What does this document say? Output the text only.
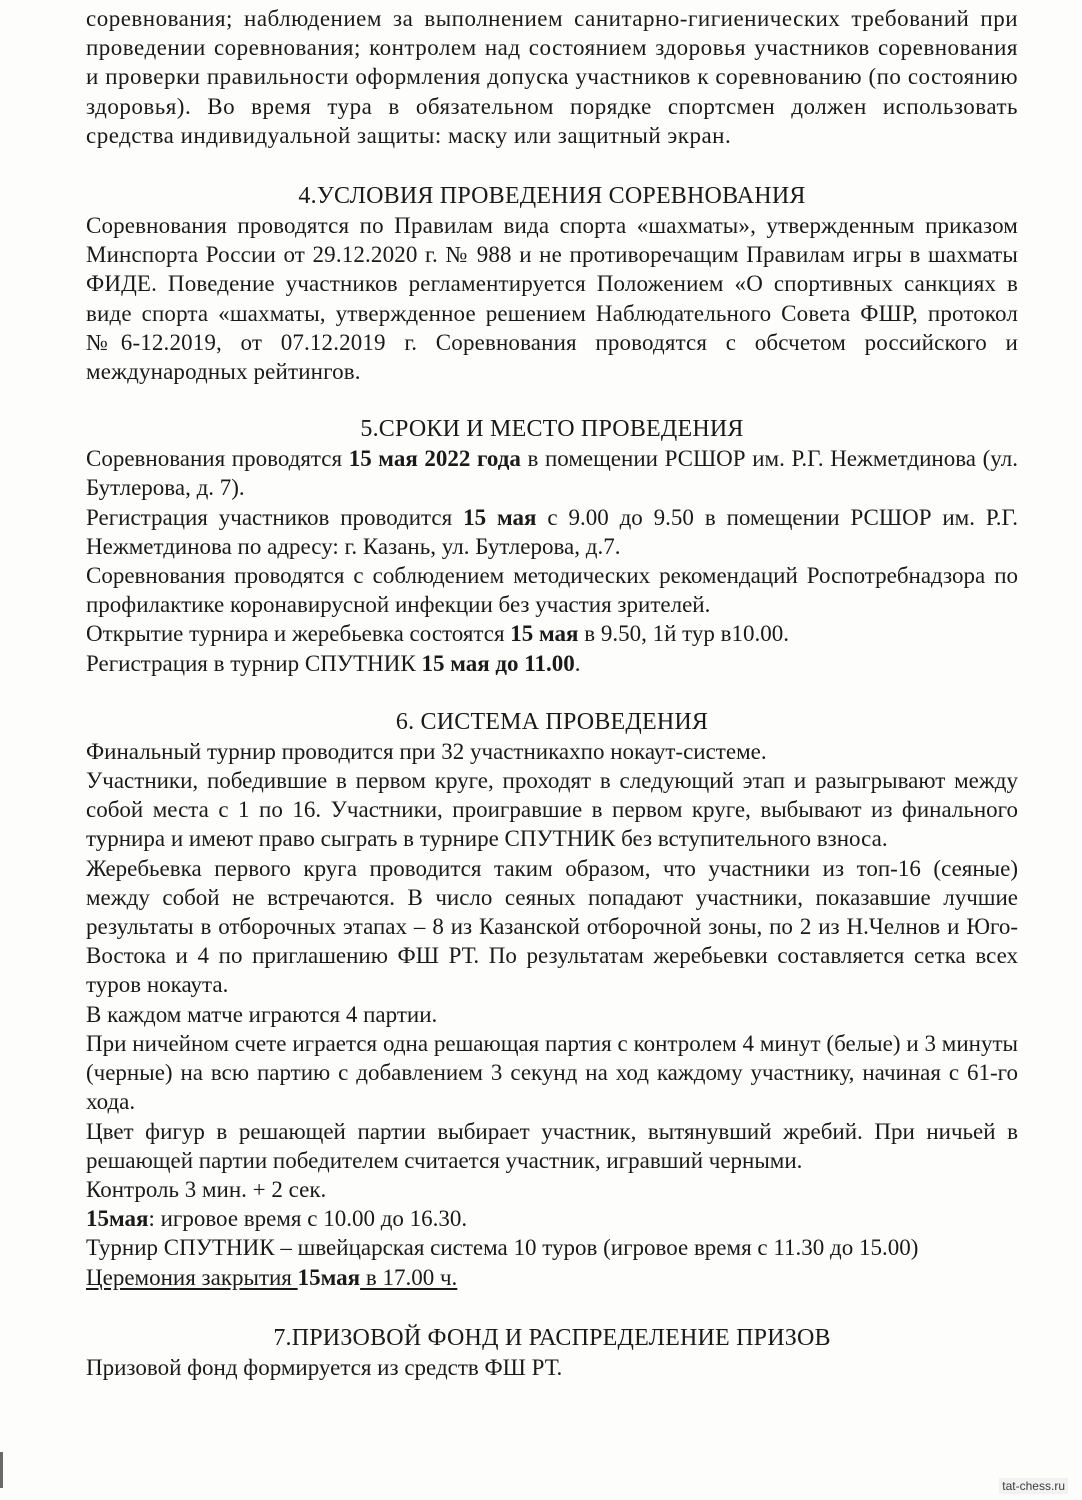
соревнования; наблюдением за выполнением санитарно-гигиенических требований при проведении соревнования; контролем над состоянием здоровья участников соревнования и проверки правильности оформления допуска участников к соревнованию (по состоянию здоровья). Во время тура в обязательном порядке спортсмен должен использовать средства индивидуальной защиты: маску или защитный экран.

4.УСЛОВИЯ ПРОВЕДЕНИЯ СОРЕВНОВАНИЯ

Соревнования проводятся по Правилам вида спорта «шахматы», утвержденным приказом Минспорта России от 29.12.2020 г. № 988 и не противоречащим Правилам игры в шахматы ФИДЕ. Поведение участников регламентируется Положением «О спортивных санкциях в виде спорта «шахматы, утвержденное решением Наблюдательного Совета ФШР, протокол №6-12.2019, от 07.12.2019 г. Соревнования проводятся с обсчетом российского и международных рейтингов.

5.СРОКИ И МЕСТО ПРОВЕДЕНИЯ

Соревнования проводятся 15 мая 2022 года в помещении РСШОР им. Р.Г. Нежметдинова (ул. Бутлерова, д. 7).

Регистрация участников проводится 15 мая с 9.00 до 9.50 в помещении РСШОР им. Р.Г. Нежметдинова по адресу: г. Казань, ул. Бутлерова, д.7.

Соревнования проводятся с соблюдением методических рекомендаций Роспотребнадзора по профилактике коронавирусной инфекции без участия зрителей.

Открытие турнира и жеребьевка состоятся 15 мая в 9.50, 1й тур в10.00.

Регистрация в турнир СПУТНИК 15 мая до 11.00.

6. СИСТЕМА ПРОВЕДЕНИЯ

Финальный турнир проводится при 32 участникахпо нокаут-системе.

Участники, победившие в первом круге, проходят в следующий этап и разыгрывают между собой места с 1 по 16. Участники, проигравшие в первом круге, выбывают из финального турнира и имеют право сыграть в турнире СПУТНИК без вступительного взноса.

Жеребьевка первого круга проводится таким образом, что участники из топ-16 (сеяные) между собой не встречаются. В число сеяных попадают участники, показавшие лучшие результаты в отборочных этапах – 8 из Казанской отборочной зоны, по 2 из Н.Челнов и Юго-Востока и 4 по приглашению ФШ РТ. По результатам жеребьевки составляется сетка всех туров нокаута.

В каждом матче играются 4 партии.

При ничейном счете играется одна решающая партия с контролем 4 минут (белые) и 3 минуты (черные) на всю партию с добавлением 3 секунд на ход каждому участнику, начиная с 61-го хода.

Цвет фигур в решающей партии выбирает участник, вытянувший жребий. При ничьей в решающей партии победителем считается участник, игравший черными.

Контроль 3 мин. + 2 сек.

15мая: игровое время с 10.00 до 16.30.

Турнир СПУТНИК – швейцарская система 10 туров (игровое время с 11.30 до 15.00)

Церемония закрытия 15мая в 17.00 ч.

7.ПРИЗОВОЙ ФОНД И РАСПРЕДЕЛЕНИЕ ПРИЗОВ

Призовой фонд формируется из средств ФШ РТ.

tat-chess.ru
